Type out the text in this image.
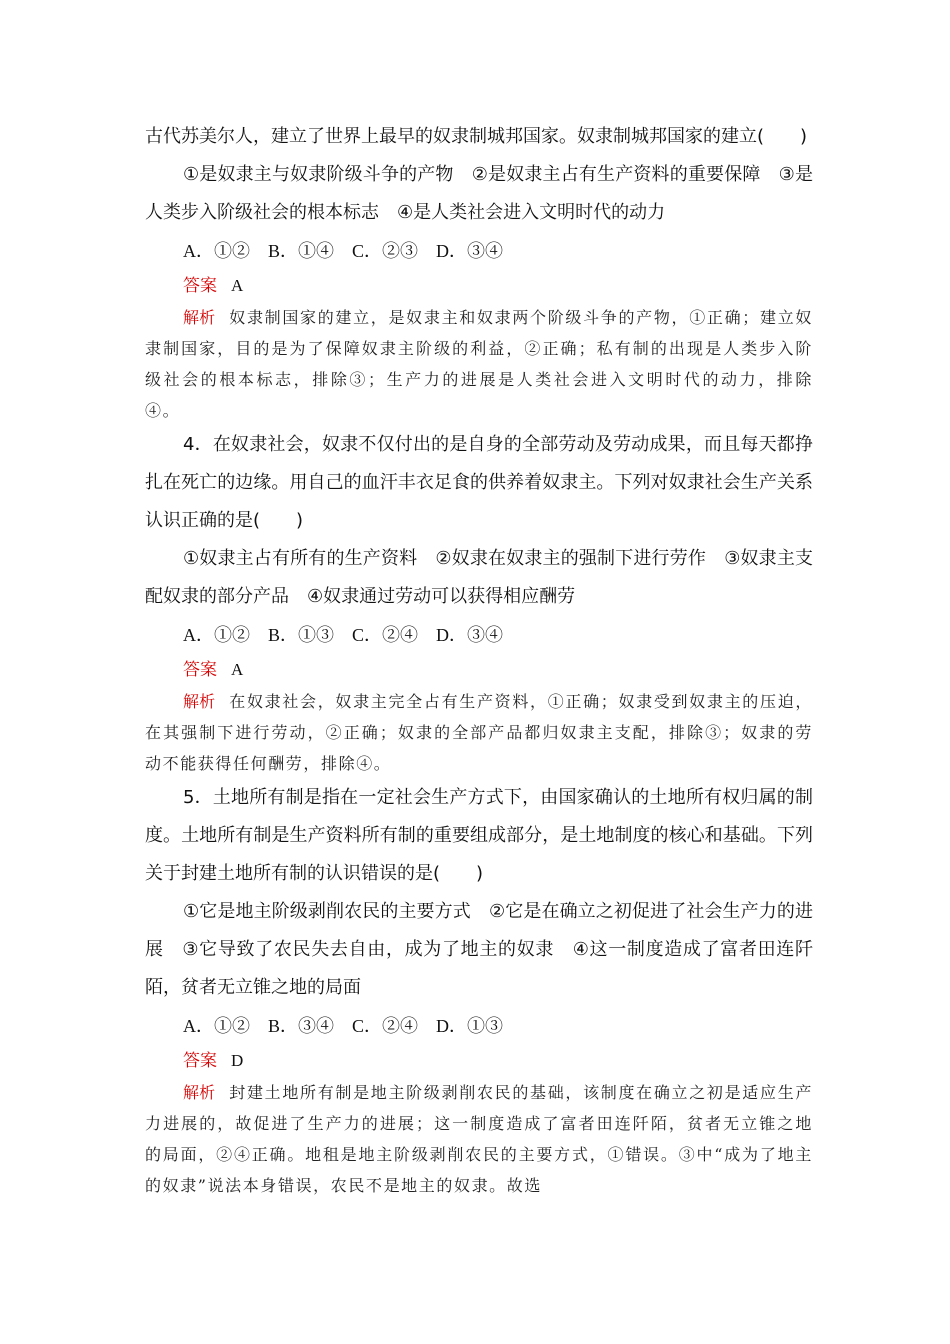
古代苏美尔人，建立了世界上最早的奴隶制城邦国家。奴隶制城邦国家的建立(　　)

①是奴隶主与奴隶阶级斗争的产物　②是奴隶主占有生产资料的重要保障　③是人类步入阶级社会的根本标志　④是人类社会进入文明时代的动力

A．①②　B．①④　C．②③　D．③④

答案 A

解析 奴隶制国家的建立，是奴隶主和奴隶两个阶级斗争的产物，①正确；建立奴隶制国家，目的是为了保障奴隶主阶级的利益，②正确；私有制的出现是人类步入阶级社会的根本标志，排除③；生产力的进展是人类社会进入文明时代的动力，排除④。

4．在奴隶社会，奴隶不仅付出的是自身的全部劳动及劳动成果，而且每天都挣扎在死亡的边缘。用自己的血汗丰衣足食的供养着奴隶主。下列对奴隶社会生产关系认识正确的是(　　)

①奴隶主占有所有的生产资料　②奴隶在奴隶主的强制下进行劳作　③奴隶主支配奴隶的部分产品　④奴隶通过劳动可以获得相应酬劳

A．①②　B．①③　C．②④　D．③④

答案 A

解析 在奴隶社会，奴隶主完全占有生产资料，①正确；奴隶受到奴隶主的压迫，在其强制下进行劳动，②正确；奴隶的全部产品都归奴隶主支配，排除③；奴隶的劳动不能获得任何酬劳，排除④。

5．土地所有制是指在一定社会生产方式下，由国家确认的土地所有权归属的制度。土地所有制是生产资料所有制的重要组成部分，是土地制度的核心和基础。下列关于封建土地所有制的认识错误的是(　　)

①它是地主阶级剥削农民的主要方式　②它是在确立之初促进了社会生产力的进展　③它导致了农民失去自由，成为了地主的奴隶　④这一制度造成了富者田连阡陌，贫者无立锥之地的局面

A．①②　B．③④　C．②④　D．①③

答案 D

解析 封建土地所有制是地主阶级剥削农民的基础，该制度在确立之初是适应生产力进展的，故促进了生产力的进展；这一制度造成了富者田连阡陌，贫者无立锥之地的局面，②④正确。地租是地主阶级剥削农民的主要方式，①错误。③中“成为了地主的奴隶”说法本身错误，农民不是地主的奴隶。故选
